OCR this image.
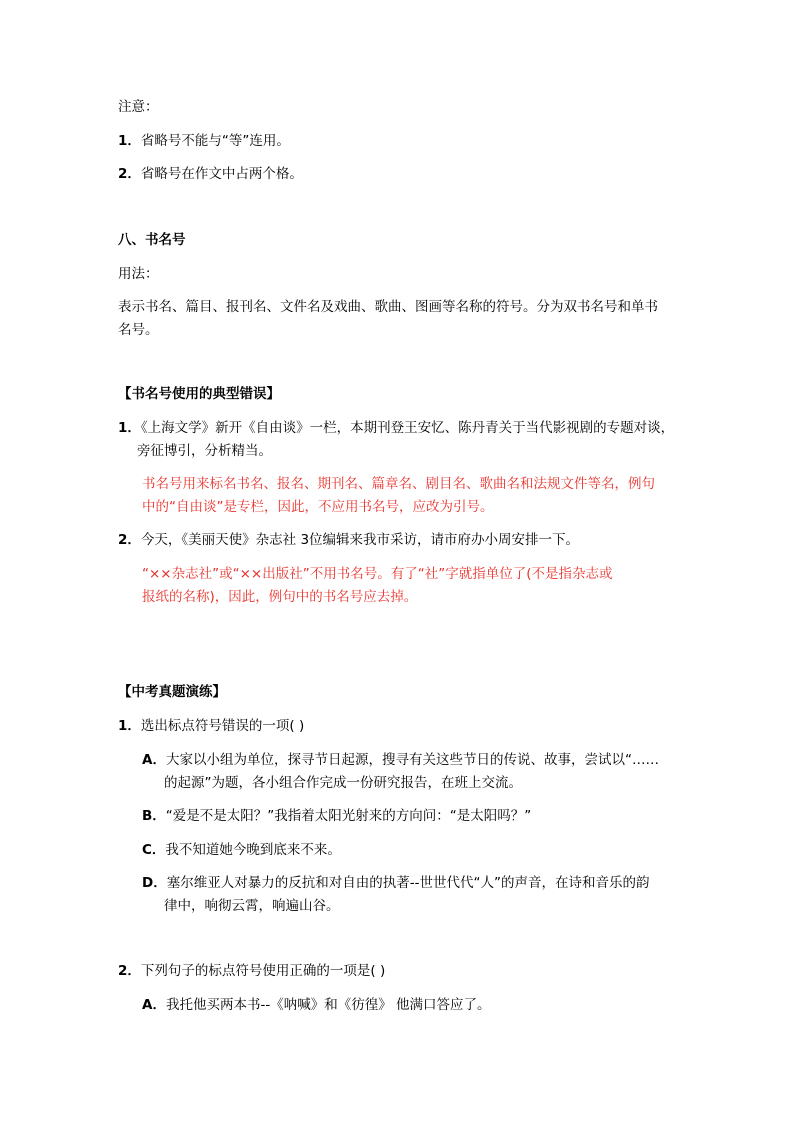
注意：
1．省略号不能与“等”连用。
2．省略号在作文中占两个格。
八、书名号
用法：
表示书名、篇目、报刊名、文件名及戏曲、歌曲、图画等名称的符号。分为双书名号和单书
名号。
【书名号使用的典型错误】
1．《上海文学》新开《自由谈》一栏，本期刊登王安忆、陈丹青关于当代影视剧的专题对谈，
旁征博引，分析精当。
书名号用来标名书名、报名、期刊名、篇章名、剧目名、歌曲名和法规文件等名，例句
中的“自由谈”是专栏，因此，不应用书名号，应改为引号。
2．今天，《美丽天使》杂志社 3位编辑来我市采访，请市府办小周安排一下。
“××杂志社”或“××出版社”不用书名号。有了“社”字就指单位了(不是指杂志或
报纸的名称)，因此，例句中的书名号应去掉。
【中考真题演练】
1．选出标点符号错误的一项( )
A．大家以小组为单位，探寻节日起源，搜寻有关这些节日的传说、故事，尝试以“……
的起源”为题，各小组合作完成一份研究报告，在班上交流。
B．“爱是不是太阳？”我指着太阳光射来的方向问：“是太阳吗？”
C．我不知道她今晚到底来不来。
D．塞尔维亚人对暴力的反抗和对自由的执著--世世代代“人”的声音，在诗和音乐的韵
律中，响彻云霄，响遍山谷。
2．下列句子的标点符号使用正确的一项是( )
A．我托他买两本书--《呐喊》和《彷徨》 他满口答应了。
